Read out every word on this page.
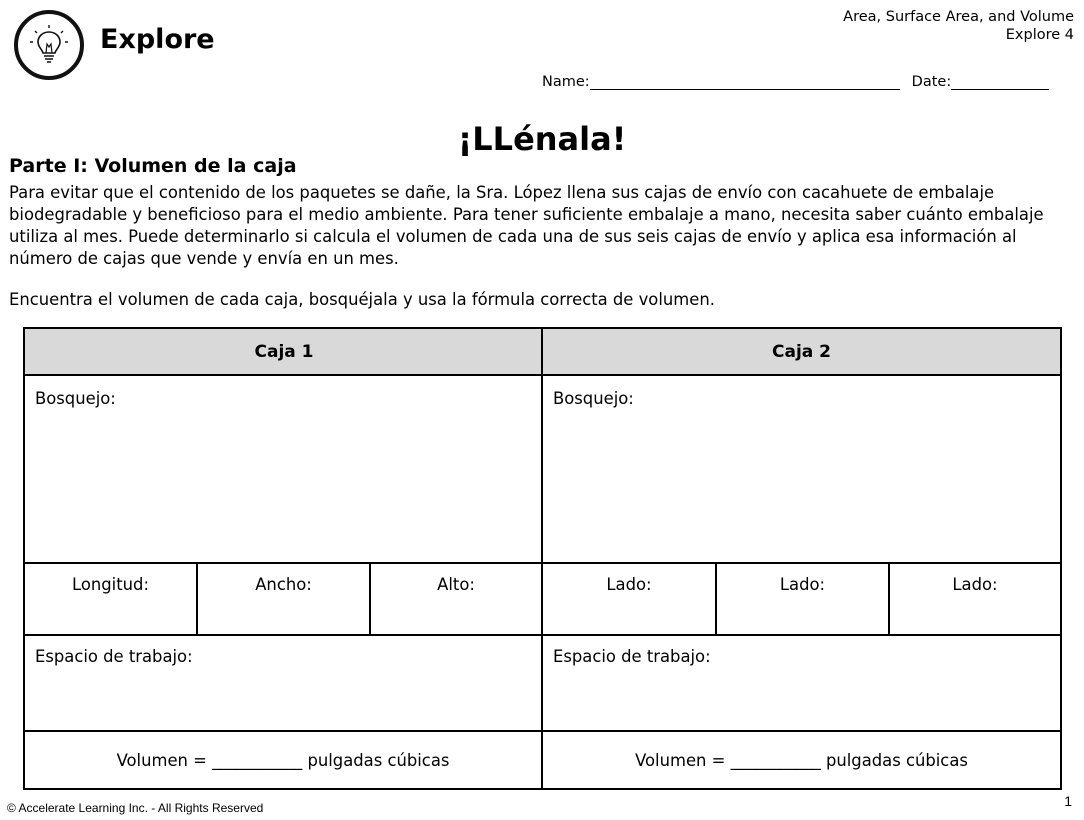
Explore
Area, Surface Area, and Volume
Explore 4
Name:	Date:
¡LLénala!
Parte I: Volumen de la caja
Para evitar que el contenido de los paquetes se dañe, la Sra. López llena sus cajas de envío con cacahuete de embalaje biodegradable y beneficioso para el medio ambiente. Para tener suficiente embalaje a mano, necesita saber cuánto embalaje utiliza al mes. Puede determinarlo si calcula el volumen de cada una de sus seis cajas de envío y aplica esa información al número de cajas que vende y envía en un mes.
Encuentra el volumen de cada caja, bosquéjala y usa la fórmula correcta de volumen.
Caja 1	Caja 2
Bosquejo:	Bosquejo:
Longitud:	Ancho:	Alto:	Lado:	Lado:	Lado:
Espacio de trabajo:	Espacio de trabajo:
Volumen = ___________ pulgadas cúbicas	Volumen = ___________ pulgadas cúbicas
© Accelerate Learning Inc. - All Rights Reserved	1
